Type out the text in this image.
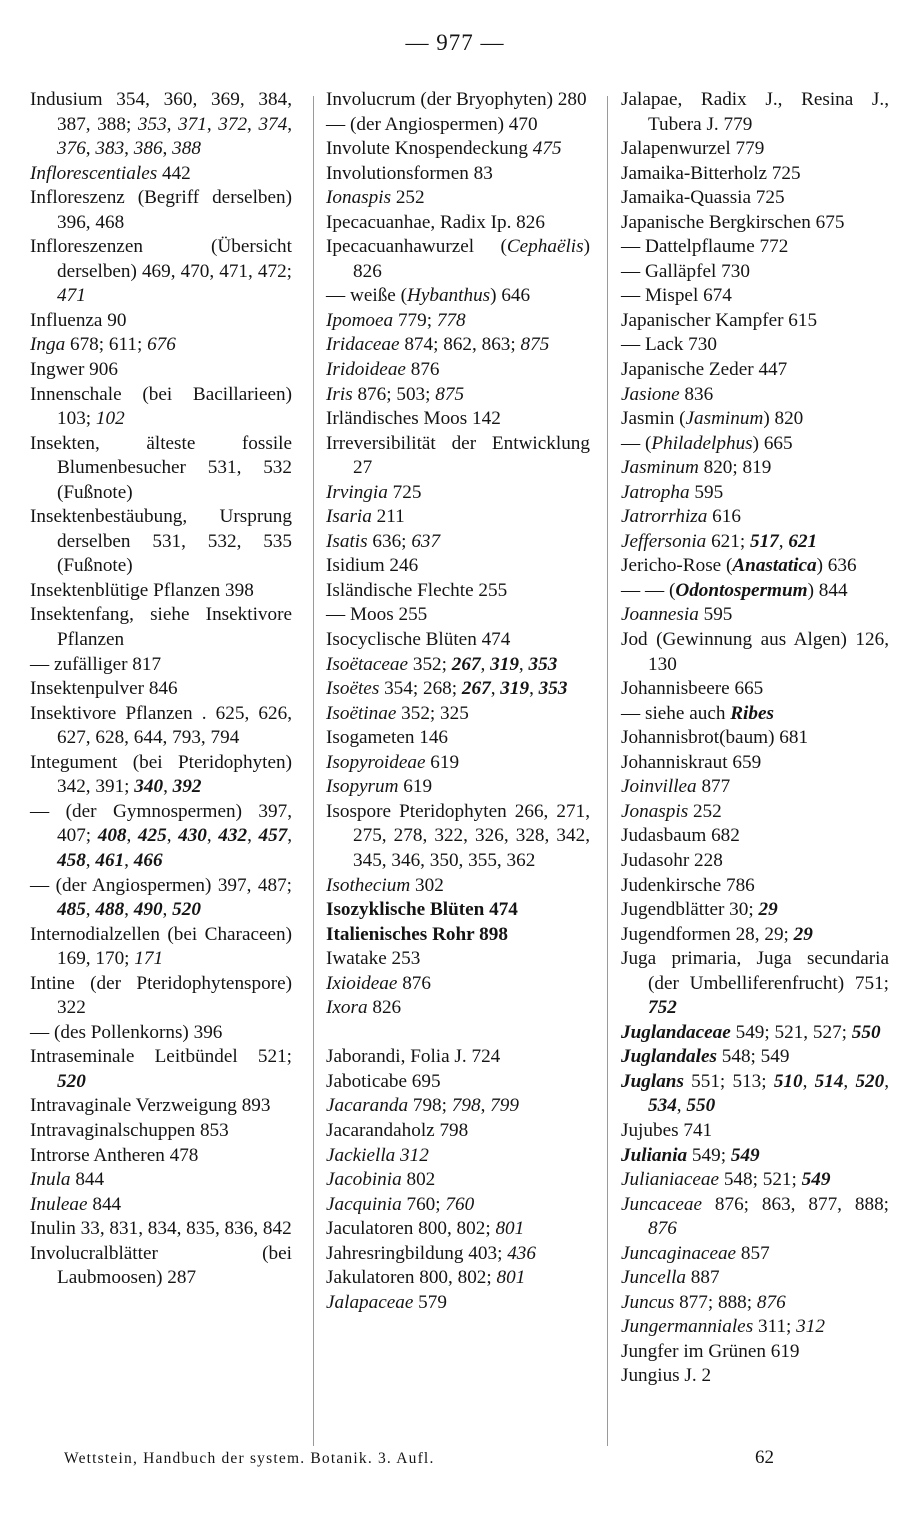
— 977 —
Indusium 354, 360, 369, 384, 387, 388; 353, 371, 372, 374, 376, 383, 386, 388
Inflorescentiales 442
Infloreszenz (Begriff derselben) 396, 468
Infloreszenzen (Übersicht derselben) 469, 470, 471, 472; 471
Influenza 90
Inga 678; 611; 676
Ingwer 906
Innenschale (bei Bacillarieen) 103; 102
Insekten, älteste fossile Blumenbesucher 531, 532 (Fußnote)
Insektenbestäubung, Ursprung derselben 531, 532, 535 (Fußnote)
Insektenblütige Pflanzen 398
Insektenfang, siehe Insektivore Pflanzen
— zufälliger 817
Insektenpulver 846
Insektivore Pflanzen . 625, 626, 627, 628, 644, 793, 794
Integument (bei Pteridophyten) 342, 391; 340, 392
— (der Gymnospermen) 397, 407; 408, 425, 430, 432, 457, 458, 461, 466
— (der Angiospermen) 397, 487; 485, 488, 490, 520
Internodialzellen (bei Characeen) 169, 170; 171
Intine (der Pteridophytenspore) 322
— (des Pollenkorns) 396
Intraseminale Leitbündel 521; 520
Intravaginale Verzweigung 893
Intravaginalschuppen 853
Introrse Antheren 478
Inula 844
Inuleae 844
Inulin 33, 831, 834, 835, 836, 842
Involucralblätter (bei Laubmoosen) 287
Involucrum (der Bryophyten) 280
— (der Angiospermen) 470
Involute Knospendeckung 475
Involutionsformen 83
Ionaspis 252
Ipecacuanhae, Radix Ip. 826
Ipecacuanhawurzel (Cephaëlis) 826
— weiße (Hybanthus) 646
Ipomoea 779; 778
Iridaceae 874; 862, 863; 875
Iridoideae 876
Iris 876; 503; 875
Irländisches Moos 142
Irreversibilität der Entwicklung 27
Irvingia 725
Isaria 211
Isatis 636; 637
Isidium 246
Isländische Flechte 255
— Moos 255
Isocyclische Blüten 474
Isoëtaceae 352; 267, 319, 353
Isoëtes 354; 268; 267, 319, 353
Isoëtinae 352; 325
Isogameten 146
Isopyroideae 619
Isopyrum 619
Isospore Pteridophyten 266, 271, 275, 278, 322, 326, 328, 342, 345, 346, 350, 355, 362
Isothecium 302
Isozyklische Blüten 474
Italienisches Rohr 898
Iwatake 253
Ixioideae 876
Ixora 826
Jaborandi, Folia J. 724
Jaboticabe 695
Jacaranda 798; 798, 799
Jacarandaholz 798
Jackiella 312
Jacobinia 802
Jacquinia 760; 760
Jaculatoren 800, 802; 801
Jahresringbildung 403; 436
Jakulatoren 800, 802; 801
Jalapaceae 579
Jalapae, Radix J., Resina J., Tubera J. 779
Jalapenwurzel 779
Jamaika-Bitterholz 725
Jamaika-Quassia 725
Japanische Bergkirschen 675
— Dattelpflaume 772
— Galläpfel 730
— Mispel 674
Japanischer Kampfer 615
— Lack 730
Japanische Zeder 447
Jasione 836
Jasmin (Jasminum) 820
— (Philadelphus) 665
Jasminum 820; 819
Jatropha 595
Jatrorrhiza 616
Jeffersonia 621; 517, 621
Jericho-Rose (Anastatica) 636
— — (Odontospermum) 844
Joannesia 595
Jod (Gewinnung aus Algen) 126, 130
Johannisbeere 665
— siehe auch Ribes
Johannisbrot(baum) 681
Johanniskraut 659
Joinvillea 877
Jonaspis 252
Judasbaum 682
Judasohr 228
Judenkirsche 786
Jugendblätter 30; 29
Jugendformen 28, 29; 29
Juga primaria, Juga secundaria (der Umbelliferenfrucht) 751; 752
Juglandaceae 549; 521, 527; 550
Juglandales 548; 549
Juglans 551; 513; 510, 514, 520, 534, 550
Jujubes 741
Juliania 549; 549
Julianiaceae 548; 521; 549
Juncaceae 876; 863, 877, 888; 876
Juncaginaceae 857
Juncella 887
Juncus 877; 888; 876
Jungermanniales 311; 312
Jungfer im Grünen 619
Jungius J. 2
Wettstein, Handbuch der system. Botanik. 3. Aufl.	62
